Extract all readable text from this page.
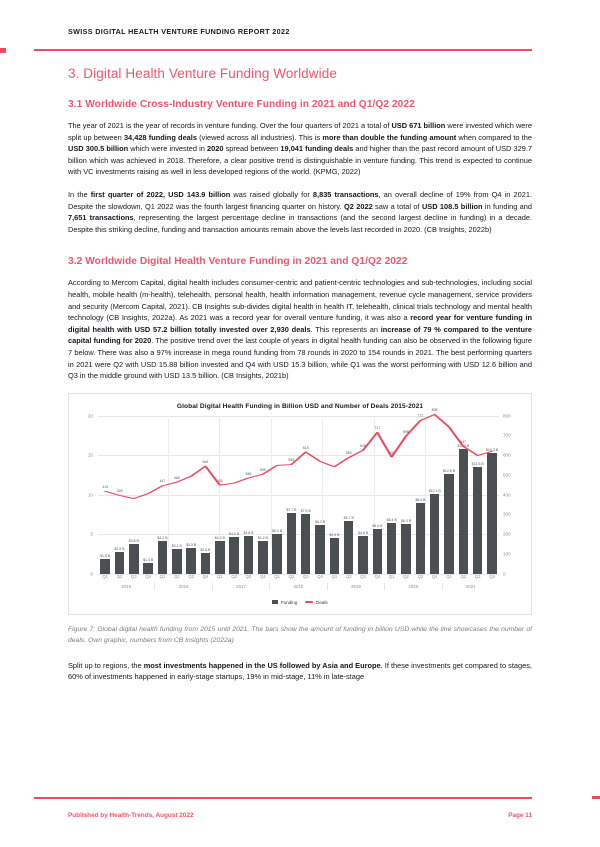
SWISS DIGITAL HEALTH VENTURE FUNDING REPORT 2022
3. Digital Health Venture Funding Worldwide
3.1 Worldwide Cross-Industry Venture Funding in 2021 and Q1/Q2 2022

The year of 2021 is the year of records in venture funding. Over the four quarters of 2021 a total of USD 671 billion were invested which were split up between 34,428 funding deals (viewed across all industries). This is more than double the funding amount when compared to the USD 300.5 billion which were invested in 2020 spread between 19,041 funding deals and higher than the past record amount of USD 329.7 billion which was achieved in 2018. Therefore, a clear positive trend is distinguishable in venture funding. This trend is expected to continue with VC investments raising as well in less developed regions of the world. (KPMG, 2022)

In the first quarter of 2022, USD 143.9 billion was raised globally for 8,835 transactions, an overall decline of 19% from Q4 in 2021. Despite the slowdown, Q1 2022 was the fourth largest financing quarter on history. Q2 2022 saw a total of USD 108.5 billion in funding and 7,651 transactions, representing the largest percentage decline in transactions (and the second largest decline in funding) in a decade. Despite this striking decline, funding and transaction amounts remain above the levels last recorded in 2020. (CB Insights, 2022b)

3.2 Worldwide Digital Health Venture Funding in 2021 and Q1/Q2 2022

According to Mercom Capital, digital health includes consumer-centric and patient-centric technologies and sub-technologies, including social health, mobile health (m-health), telehealth, personal health, health information management, revenue cycle management, service providers and security (Mercom Capital, 2021). CB Insights sub-divides digital health in health IT, telehealth, clinical trials technology and mental health technology (CB Insights, 2022a). As 2021 was a record year for overall venture funding, it was also a record year for venture funding in digital health with USD 57.2 billion totally invested over 2,930 deals. This represents an increase of 79 % compared to the venture capital funding for 2020. The positive trend over the last couple of years in digital health funding can also be observed in the following figure 7 below. There was also a 97% increase in mega round funding from 78 rounds in 2020 to 154 rounds in 2021. The best performing quarters in 2021 were Q2 with USD 15.88 billion invested and Q4 with USD 15.3 billion, while Q1 was the worst performing with USD 12.6 billion and Q3 in the middle ground with USD 13.5 billion. (CB Insights, 2021b)

Global Digital Health Funding in Billion USD and Number of Deals 2015-2021
$1.8 B
$2.8 B
$3.8 B
$1.4 B
$4.2 B
$3.1 B $3.3 B
$2.6 B
$4.2 B
$4.6 B $4.8 B
$4.2 B
$5.0 B
$7.7 B $7.5 B
$6.2 B
$4.5 B
$6.7 B
$4.8 B
$5.6 B
$6.4 B $6.3 B
$8.9 B
$10.1 B
$12.6 B
$15.8 B
$13.5 B
$15.3 B
419
398
447
465
546
450
486
505
554
618
589
626
717
592
698
777
808
647
0
5
10
15
20
0
100
200
300
400
500
600
700
800
Q1	Q2	Q3	Q4	Q1	Q2	Q3	Q4	Q1	Q2	Q3	Q4	Q1	Q2	Q3	Q4	Q1	Q2	Q3	Q4	Q1	Q2	Q3	Q4	Q1	Q2	Q3	Q4
2015	2016	2017	2018	2019	2020	2021
Funding	Deals
Figure 7: Global digital health funding from 2015 until 2021. The bars show the amount of funding in billion USD while the line showcases the number of deals. Own graphic, numbers from CB Insights (2022a)

Split up to regions, the most investments happened in the US followed by Asia and Europe. If these investments get compared to stages, 60% of investments happened in early-stage startups, 19% in mid-stage, 11% in late-stage

Published by Health-Trends, August 2022	Page 11
